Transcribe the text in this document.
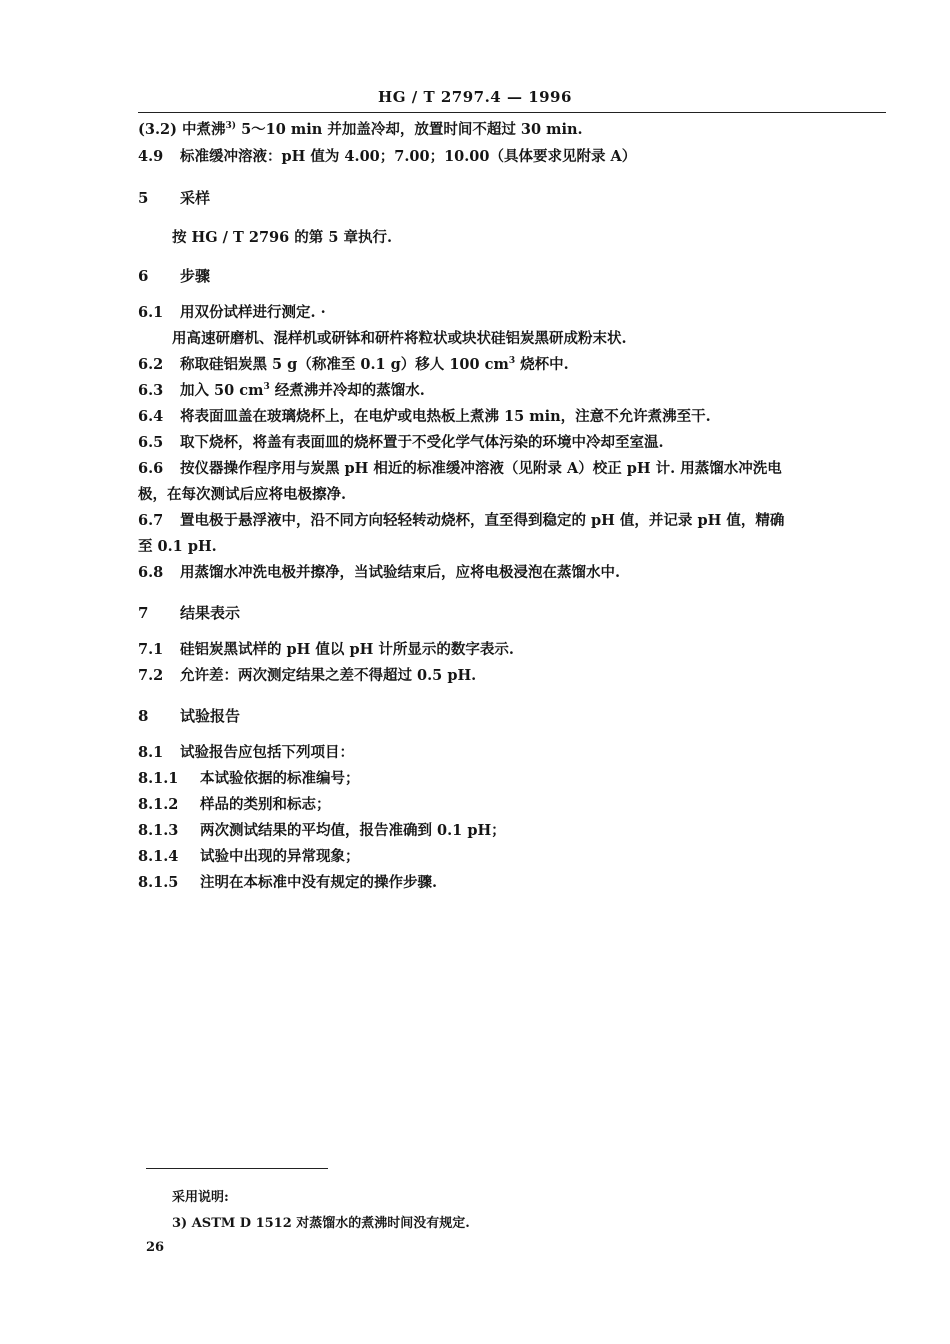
HG / T 2797.4 — 1996
(3.2) 中煮沸$^{3)}$ 5～10 min 并加盖冷却，放置时间不超过 30 min.
4.9 标准缓冲溶液：pH 值为 4.00；7.00；10.00（具体要求见附录 A）
5 采样
按 HG / T 2796 的第 5 章执行.
6 步骤
6.1 用双份试样进行测定. ·
用高速研磨机、混样机或研钵和研杵将粒状或块状硅铝炭黑研成粉末状.
6.2 称取硅铝炭黑 5 g（称准至 0.1 g）移人 100 $cm^3$ 烧杯中.
6.3 加入 50 $cm^3$ 经煮沸并冷却的蒸馏水.
6.4 将表面皿盖在玻璃烧杯上，在电炉或电热板上煮沸 15 min，注意不允许煮沸至干.
6.5 取下烧杯，将盖有表面皿的烧杯置于不受化学气体污染的环境中冷却至室温.
6.6 按仪器操作程序用与炭黑 pH 相近的标准缓冲溶液（见附录 A）校正 pH 计. 用蒸馏水冲洗电
极，在每次测试后应将电极擦净.
6.7 置电极于悬浮液中，沿不同方向轻轻转动烧杯，直至得到稳定的 pH 值，并记录 pH 值，精确
至 0.1 pH.
6.8 用蒸馏水冲洗电极并擦净，当试验结束后，应将电极浸泡在蒸馏水中.
7 结果表示
7.1 硅铝炭黑试样的 pH 值以 pH 计所显示的数字表示.
7.2 允许差：两次测定结果之差不得超过 0.5 pH.
8 试验报告
8.1 试验报告应包括下列项目：
8.1.1 本试验依据的标准编号；
8.1.2 样品的类别和标志；
8.1.3 两次测试结果的平均值，报告准确到 0.1 pH；
8.1.4 试验中出现的异常现象；
8.1.5 注明在本标准中没有规定的操作步骤.
采用说明:
3) ASTM D 1512 对蒸馏水的煮沸时间没有规定.
26
